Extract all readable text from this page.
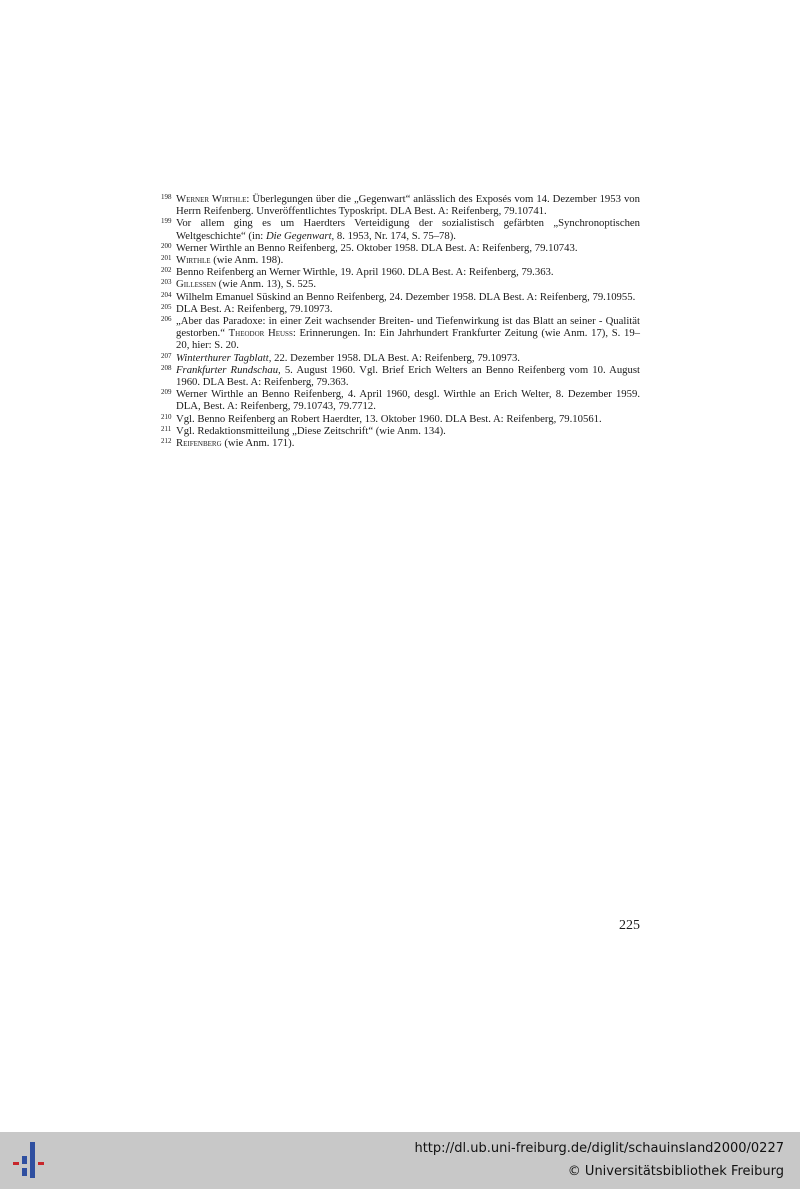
198 Werner Wirthle: Überlegungen über die „Gegenwart“ anlässlich des Exposés vom 14. Dezember 1953 von Herrn Reifenberg. Unveröffentlichtes Typoskript. DLA Best. A: Reifenberg, 79.10741.
199 Vor allem ging es um Haerdters Verteidigung der sozialistisch gefärbten „Synchronoptischen Weltgeschichte“ (in: Die Gegenwart, 8. 1953, Nr. 174, S. 75–78).
200 Werner Wirthle an Benno Reifenberg, 25. Oktober 1958. DLA Best. A: Reifenberg, 79.10743.
201 Wirthle (wie Anm. 198).
202 Benno Reifenberg an Werner Wirthle, 19. April 1960. DLA Best. A: Reifenberg, 79.363.
203 Gillessen (wie Anm. 13), S. 525.
204 Wilhelm Emanuel Süskind an Benno Reifenberg, 24. Dezember 1958. DLA Best. A: Reifenberg, 79.10955.
205 DLA Best. A: Reifenberg, 79.10973.
206 „Aber das Paradoxe: in einer Zeit wachsender Breiten- und Tiefenwirkung ist das Blatt an seiner - Qualität gestorben.“ Theodor Heuss: Erinnerungen. In: Ein Jahrhundert Frankfurter Zeitung (wie Anm. 17), S. 19–20, hier: S. 20.
207 Winterthurer Tagblatt, 22. Dezember 1958. DLA Best. A: Reifenberg, 79.10973.
208 Frankfurter Rundschau, 5. August 1960. Vgl. Brief Erich Welters an Benno Reifenberg vom 10. August 1960. DLA Best. A: Reifenberg, 79.363.
209 Werner Wirthle an Benno Reifenberg, 4. April 1960, desgl. Wirthle an Erich Welter, 8. Dezember 1959. DLA, Best. A: Reifenberg, 79.10743, 79.7712.
210 Vgl. Benno Reifenberg an Robert Haerdter, 13. Oktober 1960. DLA Best. A: Reifenberg, 79.10561.
211 Vgl. Redaktionsmitteilung „Diese Zeitschrift“ (wie Anm. 134).
212 Reifenberg (wie Anm. 171).
225
http://dl.ub.uni-freiburg.de/diglit/schauinsland2000/0227
© Universitätsbibliothek Freiburg
